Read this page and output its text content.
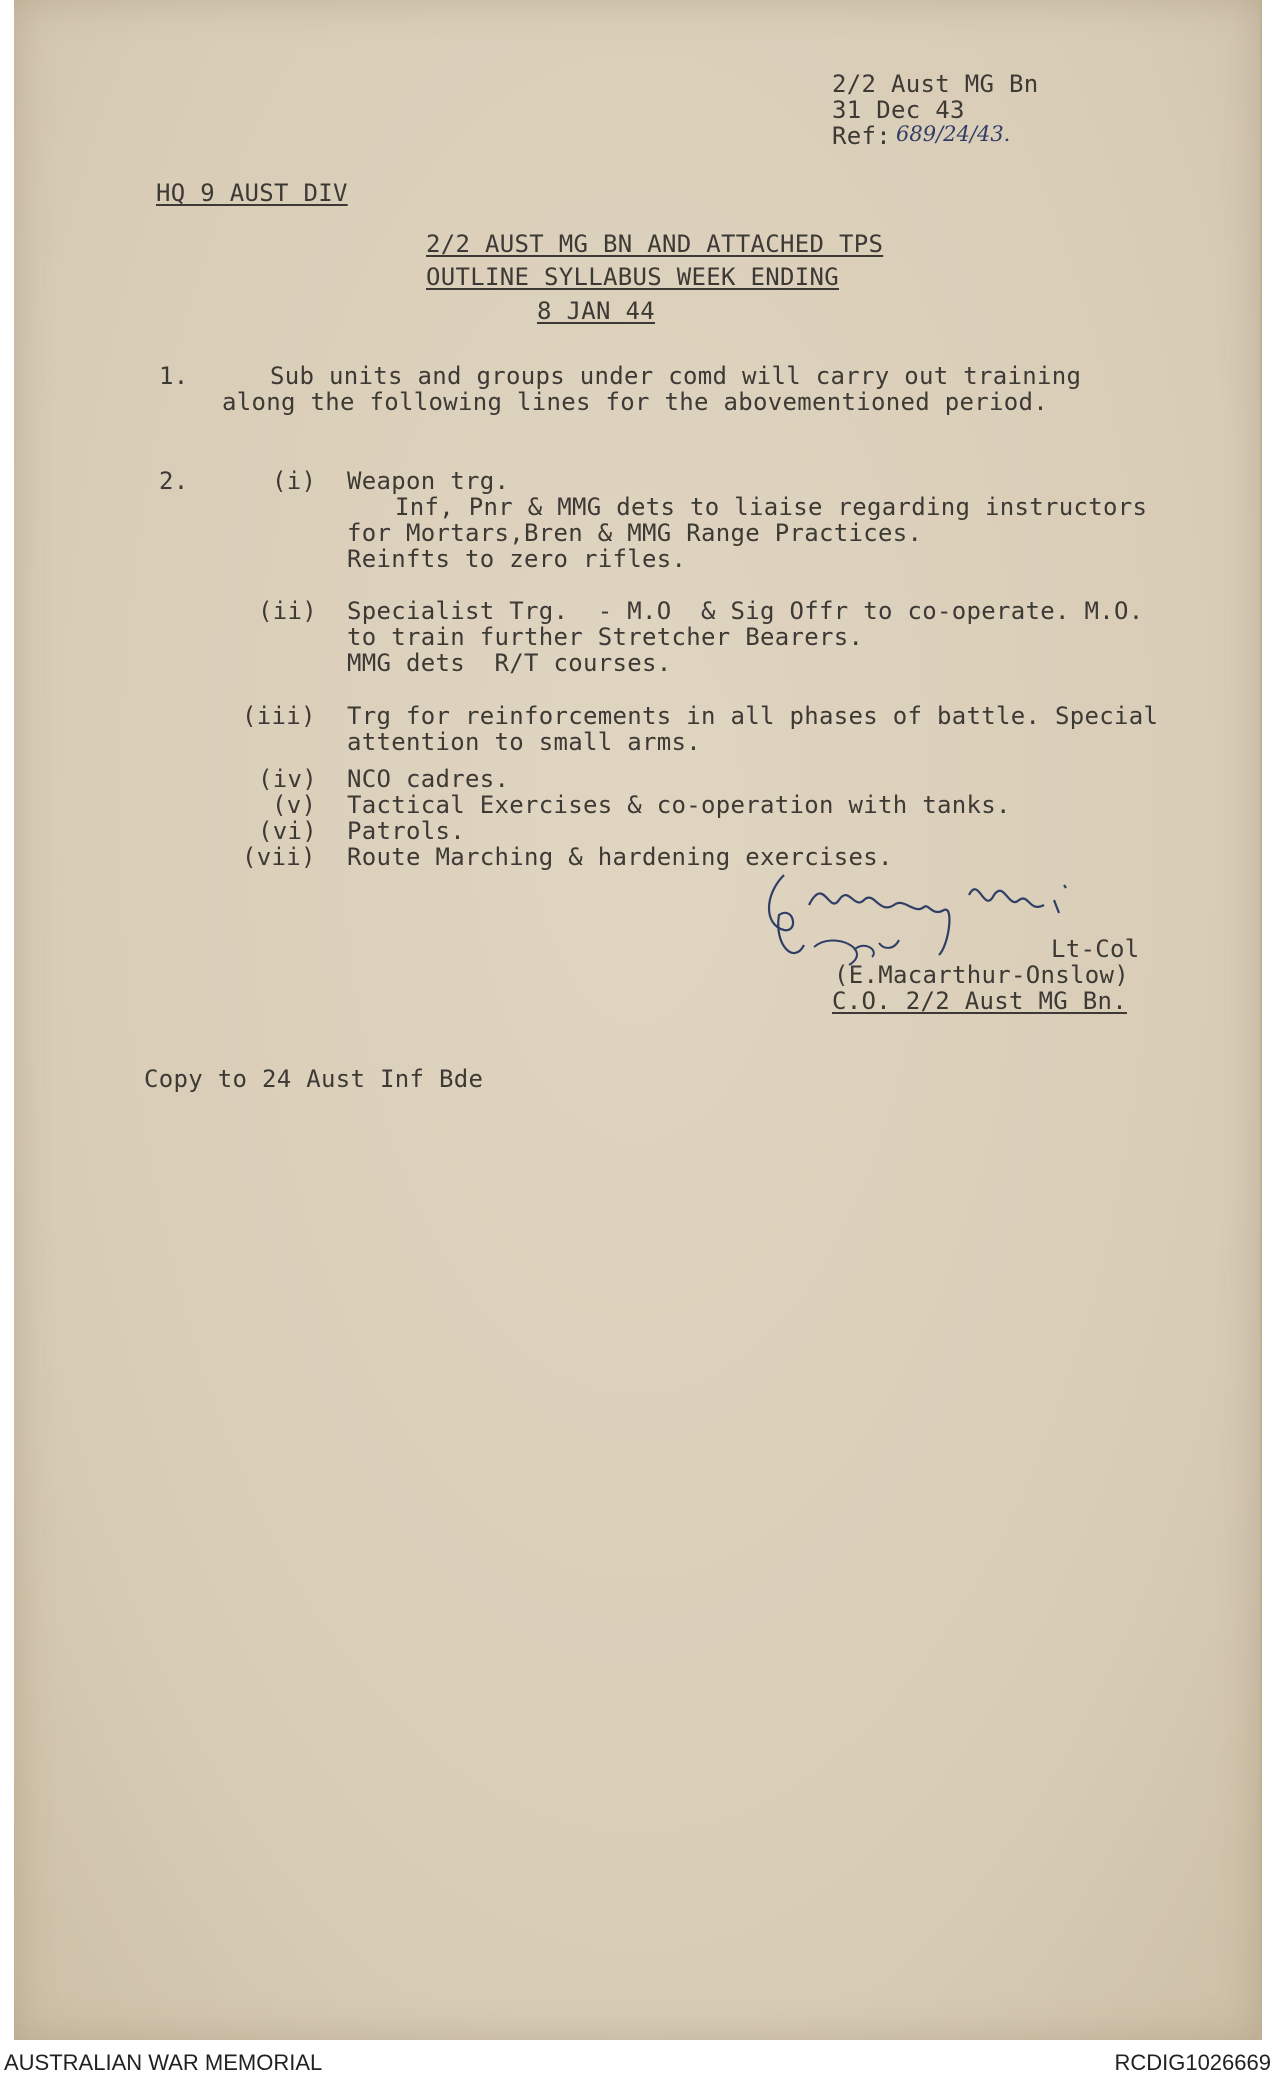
2/2 Aust MG Bn
31 Dec 43
Ref: 689/24/43.
HQ 9 AUST DIV
2/2 AUST MG BN AND ATTACHED TPS
OUTLINE SYLLABUS WEEK ENDING
8 JAN 44
1.	Sub units and groups under comd will carry out training
along the following lines for the abovementioned period.
2.	(i) Weapon trg.
Inf, Pnr & MMG dets to liaise regarding instructors
for Mortars,Bren & MMG Range Practices.
Reinfts to zero rifles.
(ii) Specialist Trg.  - M.O  & Sig Offr to co-operate. M.O.
to train further Stretcher Bearers.
MMG dets  R/T courses.
(iii) Trg for reinforcements in all phases of battle. Special
attention to small arms.
(iv) NCO cadres.
(v) Tactical Exercises & co-operation with tanks.
(vi) Patrols.
(vii) Route Marching & hardening exercises.
Lt-Col
(E.Macarthur-Onslow)
C.O. 2/2 Aust MG Bn.
Copy to 24 Aust Inf Bde
AUSTRALIAN WAR MEMORIAL	RCDIG1026669
